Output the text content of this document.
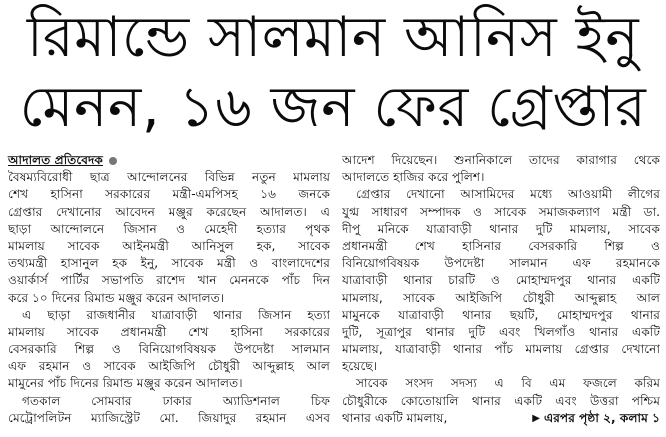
রিমান্ডে সালমান আনিস ইনু
মেনন, ১৬ জন ফের গ্রেপ্তার
আদালত প্রতিবেদক

বৈষম্যবিরোধী ছাত্র আন্দোলনের বিভিন্ন নতুন মামলায়

শেখ হাসিনা সরকারের মন্ত্রী-এমপিসহ ১৬ জনকে

গ্রেপ্তার দেখানোর আবেদন মঞ্জুর করেছেন আদালত। এ

ছাড়া আন্দোলনে জিসান ও মেহেদী হত্যার পৃথক

মামলায় সাবেক আইনমন্ত্রী আনিসুল হক, সাবেক

তথ্যমন্ত্রী হাসানুল হক ইনু, সাবেক মন্ত্রী ও বাংলাদেশের

ওয়ার্কার্স পার্টির সভাপতি রাশেদ খান মেননকে পাঁচ দিন

করে ১০ দিনের রিমান্ড মঞ্জুর করেন আদালত।

এ ছাড়া রাজধানীর যাত্রাবাড়ী থানার জিসান হত্যা

মামলায় সাবেক প্রধানমন্ত্রী শেখ হাসিনা সরকারের

বেসরকারি শিল্প ও বিনিয়োগবিষয়ক উপদেষ্টা সালমান

এফ রহমান ও সাবেক আইজিপি চৌধুরী আব্দুল্লাহ আল

মামুনের পাঁচ দিনের রিমান্ড মঞ্জুর করেন আদালত।

গতকাল সোমবার ঢাকার অ্যাডিশনাল চিফ

মেট্রোপলিটন ম্যাজিস্ট্রেট মো. জিয়াদুর রহমান এসব

আদেশ দিয়েছেন। শুনানিকালে তাদের কারাগার থেকে

আদালতে হাজির করে পুলিশ।

গ্রেপ্তার দেখানো আসামিদের মধ্যে আওয়ামী লীগের

যুগ্ম সাধারণ সম্পাদক ও সাবেক সমাজকল্যাণ মন্ত্রী ডা.

দীপু মনিকে যাত্রাবাড়ী থানার দুটি মামলায়, সাবেক

প্রধানমন্ত্রী শেখ হাসিনার বেসরকারি শিল্প ও

বিনিয়োগবিষয়ক উপদেষ্টা সালমান এফ রহমানকে

যাত্রাবাড়ী থানার চারটি ও মোহাম্মদপুর থানার একটি

মামলায়, সাবেক আইজিপি চৌধুরী আব্দুল্লাহ আল

মামুনকে যাত্রাবাড়ী থানার ছয়টি, মোহাম্মদপুর থানার

দুটি, সূত্রাপুর থানার দুটি এবং খিলগাঁও থানার একটি

মামলায়, যাত্রাবাড়ী থানার পাঁচ মামলায় গ্রেপ্তার দেখানো

হয়েছে।

সাবেক সংসদ সদস্য এ বি এম ফজলে করিম

চৌধুরীকে কোতোয়ালি থানার একটি এবং উত্তরা পশ্চিম

থানার একটি মামলায়,	▶ এরপর পৃষ্ঠা ২, কলাম ১
